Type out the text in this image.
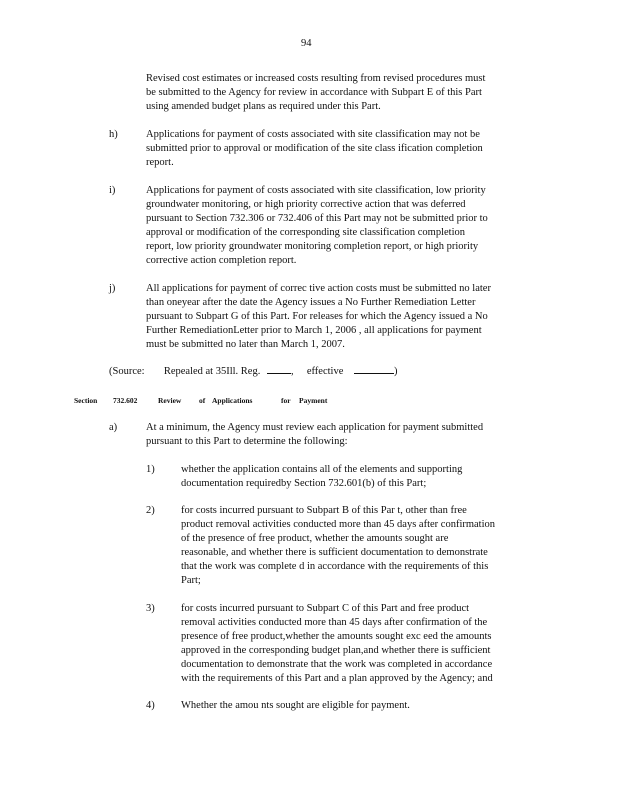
94
Revised cost estimates or increased costs resulting from revised procedures must
be submitted to the Agency for review in accordance with Subpart E of this Part
using amended budget plans as required under this Part.
h)	Applications for payment of costs associated with site classification may not be
submitted prior to approval or modification of the site class ification completion
report.
i)	Applications for payment of costs associated with site classification, low priority
groundwater monitoring, or high priority corrective action that was deferred
pursuant to Section 732.306 or 732.406 of this Part may not be submitted prior to
approval or modification of the corresponding site classification completion
report, low priority groundwater monitoring completion report, or high priority
corrective action completion report.
j)	All applications for payment of correc tive action costs must be submitted no later
than oneyear after the date the Agency issues a No Further Remediation Letter
pursuant to Subpart G of this Part. For releases for which the Agency issued a No
Further RemediationLetter prior to March 1, 2006 , all applications for payment
must be submitted no later than March 1, 2007.
(Source: Repealed at 35Ill. Reg.	, effective	)
Section 732.602	Review of Applications	for Payment
a)	At a minimum, the Agency must review each application for payment submitted
pursuant to this Part to determine the following:
1)	whether the application contains all of the elements and supporting
documentation requiredby Section 732.601(b) of this Part;
2)	for costs incurred pursuant to Subpart B of this Par t, other than free
product removal activities conducted more than 45 days after confirmation
of the presence of free product, whether the amounts sought are
reasonable, and whether there is sufficient documentation to demonstrate
that the work was complete d in accordance with the requirements of this
Part;
3)	for costs incurred pursuant to Subpart C of this Part and free product
removal activities conducted more than 45 days after confirmation of the
presence of free product,whether the amounts sought exc eed the amounts
approved in the corresponding budget plan,and whether there is sufficient
documentation to demonstrate that the work was completed in accordance
with the requirements of this Part and a plan approved by the Agency; and
4)	Whether the amou nts sought are eligible for payment.
